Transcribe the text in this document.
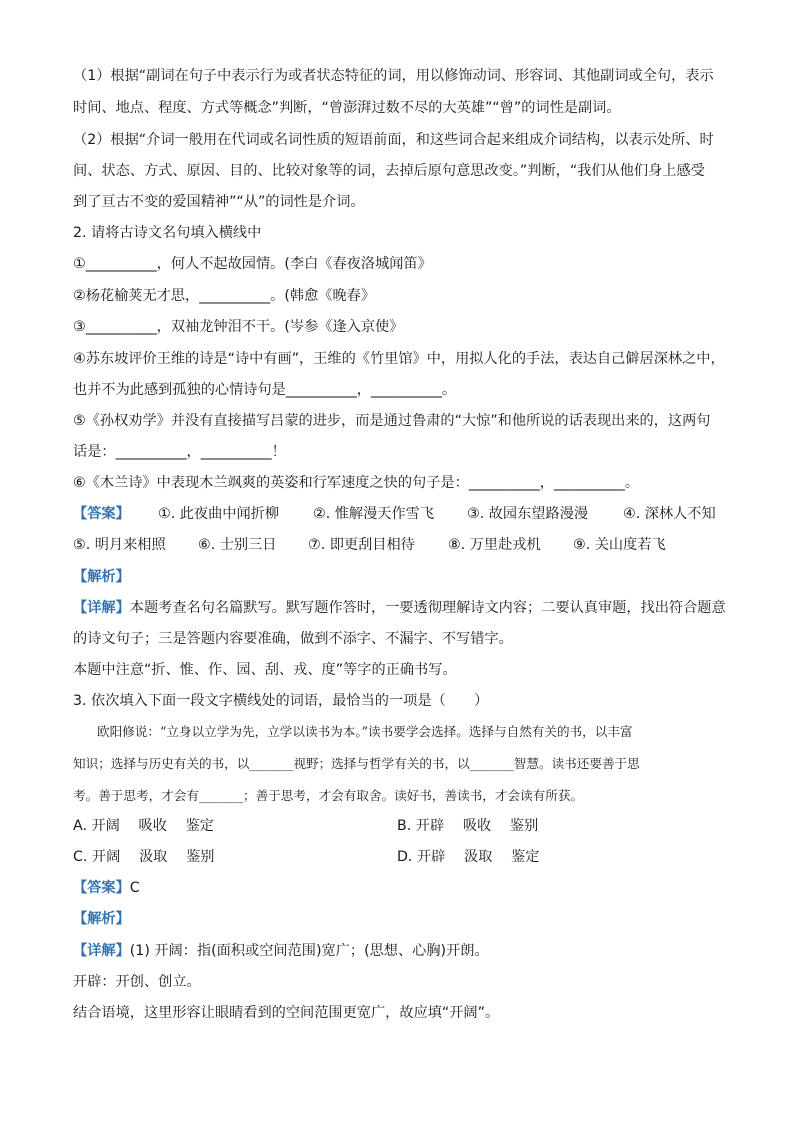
（1）根据“副词在句子中表示行为或者状态特征的词，用以修饰动词、形容词、其他副词或全句，表示
时间、地点、程度、方式等概念”判断，“曾澎湃过数不尽的大英雄”“曾”的词性是副词。
（2）根据“介词一般用在代词或名词性质的短语前面，和这些词合起来组成介词结构，以表示处所、时
间、状态、方式、原因、目的、比较对象等的词，去掉后原句意思改变。”判断，“我们从他们身上感受
到了亘古不变的爱国精神”“从”的词性是介词。
2. 请将古诗文名句填入横线中
①__________，何人不起故园情。(李白《春夜洛城闻笛》
②杨花榆荚无才思，__________。(韩愈《晚春》
③__________，双袖龙钟泪不干。(岑参《逢入京使》
④苏东坡评价王维的诗是“诗中有画”，王维的《竹里馆》中，用拟人化的手法，表达自己僻居深林之中，
也并不为此感到孤独的心情诗句是__________，__________。
⑤《孙权劝学》并没有直接描写吕蒙的进步，而是通过鲁肃的“大惊”和他所说的话表现出来的，这两句
话是：__________，__________！
⑥《木兰诗》中表现木兰飒爽的英姿和行军速度之快的句子是：__________，__________。
【答案】 ①. 此夜曲中闻折柳 ②. 惟解漫天作雪飞 ③. 故园东望路漫漫 ④. 深林人不知
⑤. 明月来相照 ⑥. 士别三日 ⑦. 即更刮目相待 ⑧. 万里赴戎机 ⑨. 关山度若飞
【解析】
【详解】本题考查名句名篇默写。默写题作答时，一要透彻理解诗文内容；二要认真审题，找出符合题意
的诗文句子；三是答题内容要准确，做到不添字、不漏字、不写错字。
本题中注意“折、惟、作、园、刮、戎、度”等字的正确书写。
3. 依次填入下面一段文字横线处的词语，最恰当的一项是（　　）
欧阳修说：“立身以立学为先，立学以读书为本。”读书要学会选择。选择与自然有关的书，以丰富
知识；选择与历史有关的书，以_______视野；选择与哲学有关的书，以_______智慧。读书还要善于思
考。善于思考，才会有_______；善于思考，才会有取舍。读好书，善读书，才会读有所获。
A. 开阔　 吸收　 鉴定	B. 开辟　 吸收　 鉴别
C. 开阔　 汲取　 鉴别	D. 开辟　 汲取　 鉴定
【答案】C
【解析】
【详解】(1) 开阔：指(面积或空间范围)宽广；(思想、心胸)开朗。
开辟：开创、创立。
结合语境，这里形容让眼睛看到的空间范围更宽广，故应填“开阔”。
